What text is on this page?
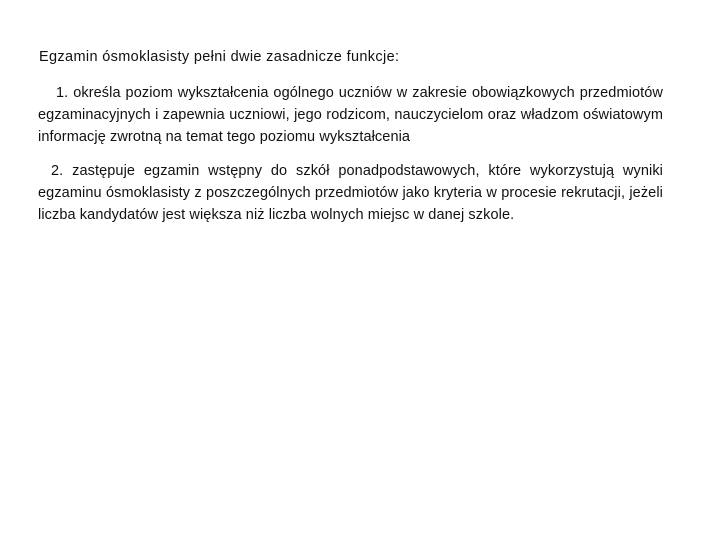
Egzamin ósmoklasisty pełni dwie zasadnicze funkcje:

1. określa poziom wykształcenia ogólnego uczniów w zakresie obowiązkowych przedmiotów egzaminacyjnych i zapewnia uczniowi, jego rodzicom, nauczycielom oraz władzom oświatowym informację zwrotną na temat tego poziomu wykształcenia

2. zastępuje egzamin wstępny do szkół ponadpodstawowych, które wykorzystują wyniki egzaminu ósmoklasisty z poszczególnych przedmiotów jako kryteria w procesie rekrutacji, jeżeli liczba kandydatów jest większa niż liczba wolnych miejsc w danej szkole.
